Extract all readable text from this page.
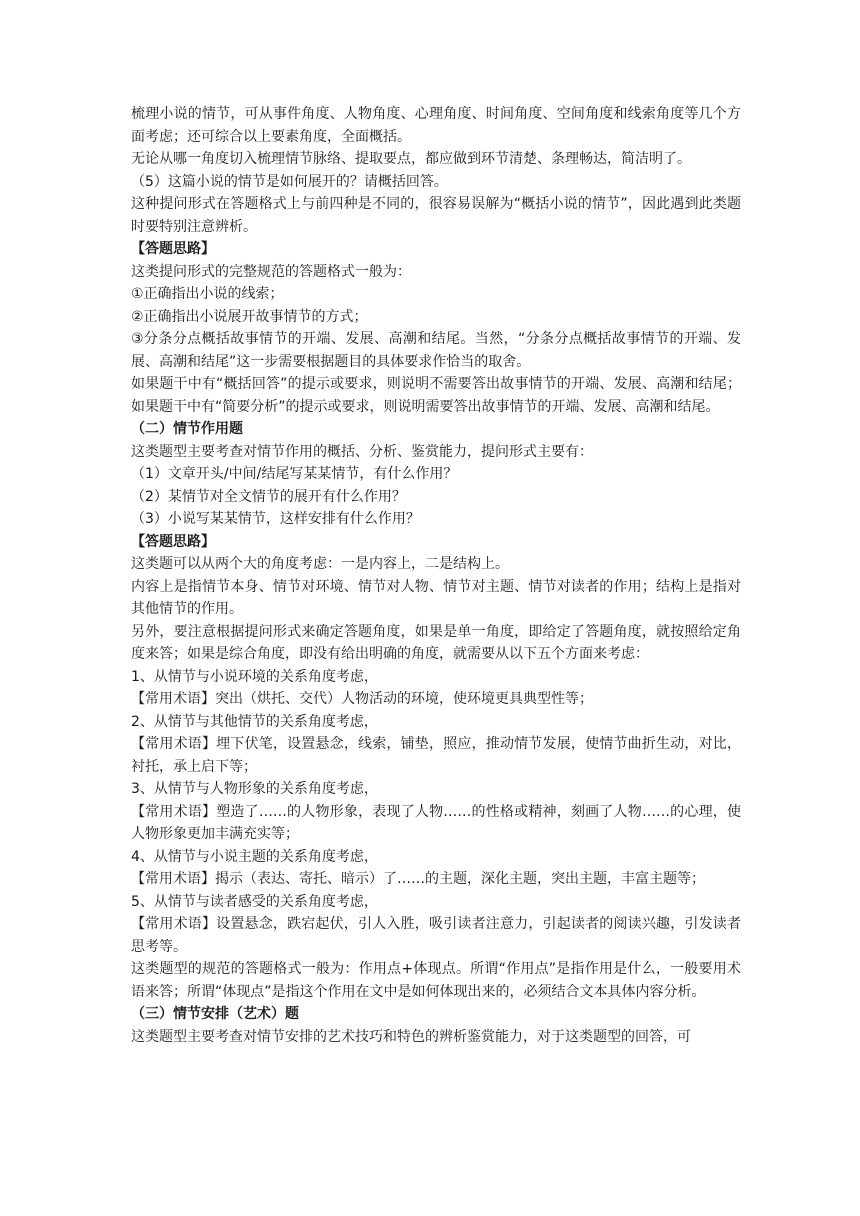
梳理小说的情节，可从事件角度、人物角度、心理角度、时间角度、空间角度和线索角度等几个方面考虑；还可综合以上要素角度，全面概括。

无论从哪一角度切入梳理情节脉络、提取要点，都应做到环节清楚、条理畅达，简洁明了。

（5）这篇小说的情节是如何展开的？请概括回答。

这种提问形式在答题格式上与前四种是不同的，很容易误解为“概括小说的情节”，因此遇到此类题时要特别注意辨析。

【答题思路】

这类提问形式的完整规范的答题格式一般为：

①正确指出小说的线索；

②正确指出小说展开故事情节的方式；

③分条分点概括故事情节的开端、发展、高潮和结尾。当然，“分条分点概括故事情节的开端、发展、高潮和结尾”这一步需要根据题目的具体要求作恰当的取舍。

如果题干中有“概括回答”的提示或要求，则说明不需要答出故事情节的开端、发展、高潮和结尾；如果题干中有“简要分析”的提示或要求，则说明需要答出故事情节的开端、发展、高潮和结尾。

（二）情节作用题

这类题型主要考查对情节作用的概括、分析、鉴赏能力，提问形式主要有：

（1）文章开头/中间/结尾写某某情节，有什么作用？

（2）某情节对全文情节的展开有什么作用？

（3）小说写某某情节，这样安排有什么作用？

【答题思路】

这类题可以从两个大的角度考虑：一是内容上，二是结构上。

内容上是指情节本身、情节对环境、情节对人物、情节对主题、情节对读者的作用；结构上是指对其他情节的作用。

另外，要注意根据提问形式来确定答题角度，如果是单一角度，即给定了答题角度，就按照给定角度来答；如果是综合角度，即没有给出明确的角度，就需要从以下五个方面来考虑：

1、从情节与小说环境的关系角度考虑，

【常用术语】突出（烘托、交代）人物活动的环境，使环境更具典型性等；

2、从情节与其他情节的关系角度考虑，

【常用术语】埋下伏笔，设置悬念，线索，铺垫，照应，推动情节发展，使情节曲折生动，对比，衬托，承上启下等；

3、从情节与人物形象的关系角度考虑，

【常用术语】塑造了……的人物形象，表现了人物……的性格或精神，刻画了人物……的心理，使人物形象更加丰满充实等；

4、从情节与小说主题的关系角度考虑，

【常用术语】揭示（表达、寄托、暗示）了……的主题，深化主题，突出主题，丰富主题等；

5、从情节与读者感受的关系角度考虑，

【常用术语】设置悬念，跌宕起伏，引人入胜，吸引读者注意力，引起读者的阅读兴趣，引发读者思考等。

这类题型的规范的答题格式一般为：作用点+体现点。所谓“作用点”是指作用是什么，一般要用术语来答；所谓“体现点”是指这个作用在文中是如何体现出来的，必须结合文本具体内容分析。

（三）情节安排（艺术）题

这类题型主要考查对情节安排的艺术技巧和特色的辨析鉴赏能力，对于这类题型的回答，可
